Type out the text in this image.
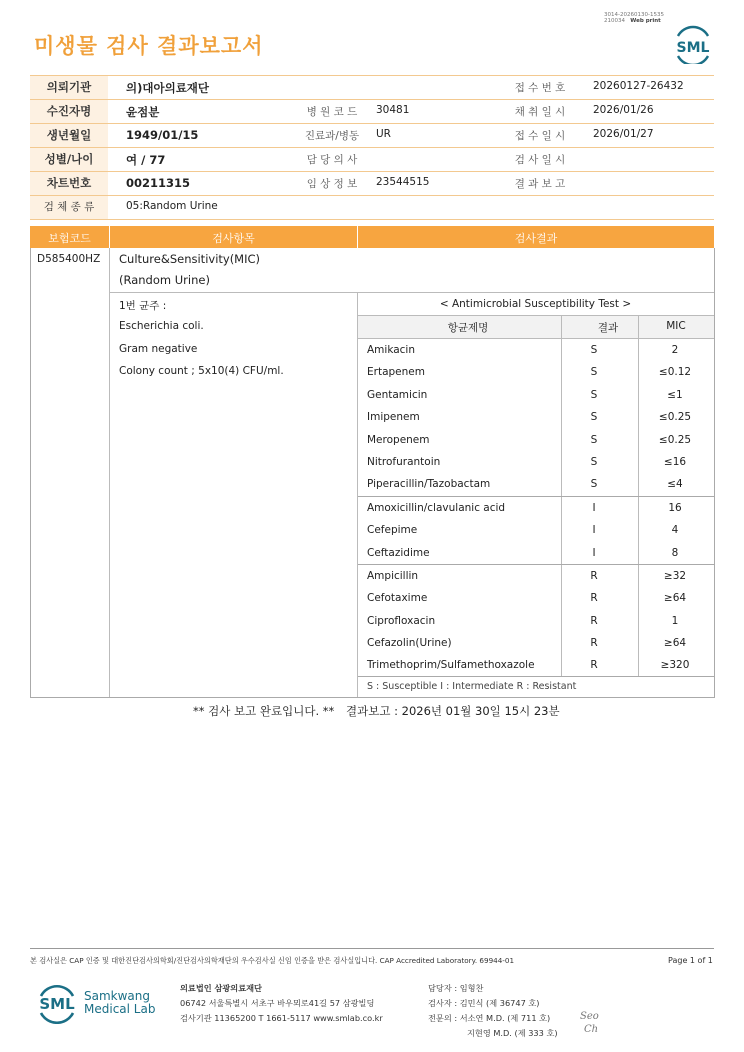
미생물 검사 결과보고서
3014-20260130-1535
210034 Web print
SML
의뢰기관	의)대아의료재단	접 수 번 호	20260127-26432
수진자명	윤점분	병 원 코 드	30481	채 취 일 시	2026/01/26
생년월일	1949/01/15	진료과/병동	UR	접 수 일 시	2026/01/27
성별/나이	여 / 77	담 당 의 사	검 사 일 시
차트번호	00211315	임 상 정 보	23544515	결 과 보 고
검 체 종 류	05:Random Urine
보험코드	검사항목	검사결과
D585400HZ Culture&Sensitivity(MIC)
(Random Urine)
1번 균주 :
Escherichia coli.
Gram negative
Colony count ; 5x10(4) CFU/ml.
< Antimicrobial Susceptibility Test >
항균제명	결과	MIC
Amikacin	S	2
Ertapenem	S	≤0.12
Gentamicin	S	≤1
Imipenem	S	≤0.25
Meropenem	S	≤0.25
Nitrofurantoin	S	≤16
Piperacillin/Tazobactam	S	≤4
Amoxicillin/clavulanic acid	I	16
Cefepime	I	4
Ceftazidime	I	8
Ampicillin	R	≥32
Cefotaxime	R	≥64
Ciprofloxacin	R	1
Cefazolin(Urine)	R	≥64
Trimethoprim/Sulfamethoxazole	R	≥320
S : Susceptible I : Intermediate R : Resistant
** 검사 보고 완료입니다. ** 결과보고 : 2026년 01월 30일 15시 23분
본 검사실은 CAP 인증 및 대한진단검사의학회/진단검사의학재단의 우수검사실 신임 인증을 받은 검사실입니다. CAP Accredited Laboratory. 69944-01	Page 1 of 1
SML Samkwang
Medical Lab
의료법인 삼광의료재단
06742 서울특별시 서초구 바우뫼로41길 57 삼광빌딩
검사기관 11365200 T 1661-5117 www.smlab.co.kr
담당자 : 임형찬
검사자 : 김민식 (제 36747 호)
전문의 : 서소연 M.D. (제 711 호)
지현영 M.D. (제 333 호)
Seo
Ch
